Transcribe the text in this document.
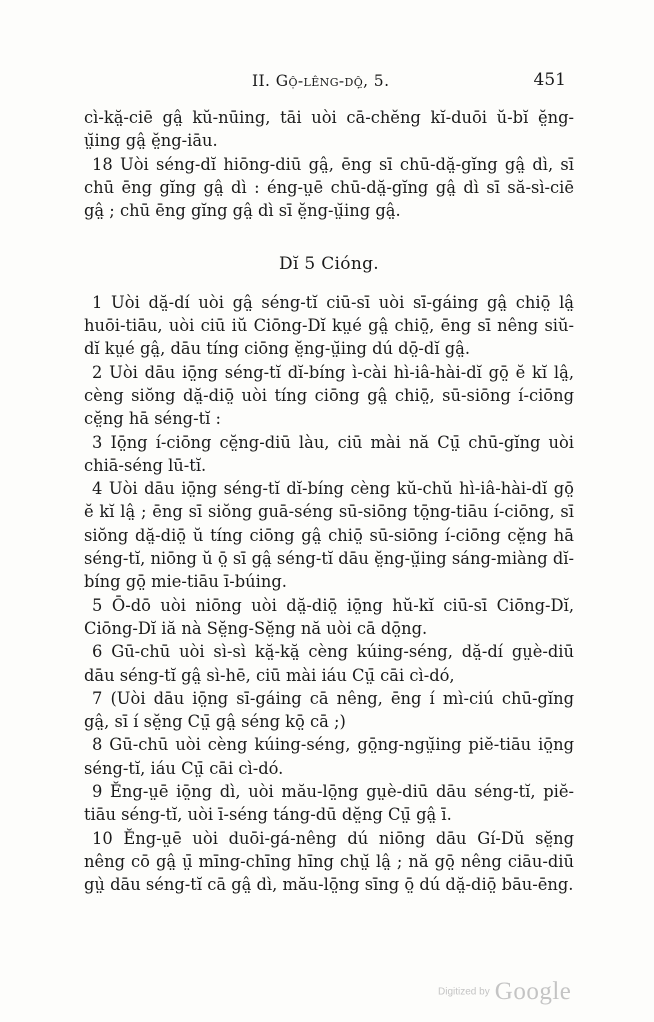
II. Gộ-lêng-dộ̤, 5.	451

cì-kă̤-ciē gâ̤ kŭ-nūing, tāi uòi cā-chĕng kĭ-duōi ŭ-bĭ ĕ̤ng-ṳ̆ing gâ̤ ĕ̤ng-iāu.

18 Uòi séng-dĭ hiōng-diū gâ̤, ēng sī chū-dă̤-gĭng gâ̤ dì, sī chū ēng gĭng gâ̤ dì : éng-ṳē chū-dă̤-gĭng gâ̤ dì sī să-sì-ciē gâ̤ ; chū ēng gĭng gâ̤ dì sī ĕ̤ng-ṳ̆ing gâ̤.

Dĭ 5 Cióng.

1 Uòi dă̤-dí uòi gâ̤ séng-tĭ ciū-sī uòi sī-gáing gâ̤ chiō̤ lâ̤ huōi-tiāu, uòi ciū iŭ Ciōng-Dĭ kṳé gâ̤ chiō̤, ēng sī nêng siŭ-dĭ kṳé gâ̤, dāu tíng ciōng ĕ̤ng-ṳ̆ing dú dō̤-dĭ gâ̤.

2 Uòi dāu iō̤ng séng-tĭ dĭ-bíng ì-cài hì-iâ-hài-dĭ gō̤ ĕ kĭ lâ̤, cèng siŏng dă̤-diō̤ uòi tíng ciōng gâ̤ chiō̤, sū-siōng í-ciōng cĕ̤ng hā séng-tĭ :

3 Iō̤ng í-ciōng cĕ̤ng-diū làu, ciū mài nă Cṳ̄ chū-gĭng uòi chiā-séng lū-tĭ.

4 Uòi dāu iō̤ng séng-tĭ dĭ-bíng cèng kŭ-chŭ hì-iâ-hài-dĭ gō̤ ĕ kĭ lâ̤ ; ēng sī siŏng guā-séng sū-siōng tō̤ng-tiāu í-ciōng, sī siŏng dă̤-diō̤ ŭ tíng ciōng gâ̤ chiō̤ sū-siōng í-ciōng cĕ̤ng hā séng-tĭ, niōng ŭ ō̤ sī gâ̤ séng-tĭ dāu ĕ̤ng-ṳ̆ing sáng-miàng dĭ-bíng gō̤ mie-tiāu ī-búing.

5 Ō-dō uòi niōng uòi dă̤-diō̤ iō̤ng hŭ-kĭ ciū-sī Ciōng-Dĭ, Ciōng-Dĭ iă nà Sĕ̤ng-Sĕ̤ng nă uòi cā dō̤ng.

6 Gū-chū uòi sì-sì kă̤-kă̤ cèng kúing-séng, dă̤-dí gṳè-diū dāu séng-tĭ gâ̤ sì-hē, ciū mài iáu Cṳ̄ cāi cì-dó,

7 (Uòi dāu iō̤ng sī-gáing cā nêng, ēng í mì-ciú chū-gĭng gâ̤, sī í sĕ̤ng Cṳ̄ gâ̤ séng kō̤ cā ;)

8 Gū-chū uòi cèng kúing-séng, gō̤ng-ngṳ̆ing piĕ-tiāu iō̤ng séng-tĭ, iáu Cṳ̄ cāi cì-dó.

9 Ĕng-ṳē iō̤ng dì, uòi mău-lō̤ng gṳè-diū dāu séng-tĭ, piĕ-tiāu séng-tĭ, uòi ī-séng táng-dū dĕ̤ng Cṳ̄ gâ̤ ī.

10 Ĕng-ṳē uòi duōi-gá-nêng dú niōng dāu Gí-Dŭ sĕ̤ng nêng cō gâ̤ ṳ̄ mīng-chīng hīng chṳ̆ lâ̤ ; nă gō̤ nêng ciāu-diū gṳ̀ dāu séng-tĭ cā gâ̤ dì, mău-lō̤ng sīng ō̤ dú dă̤-diō̤ bāu-ēng.

Digitized by Google
